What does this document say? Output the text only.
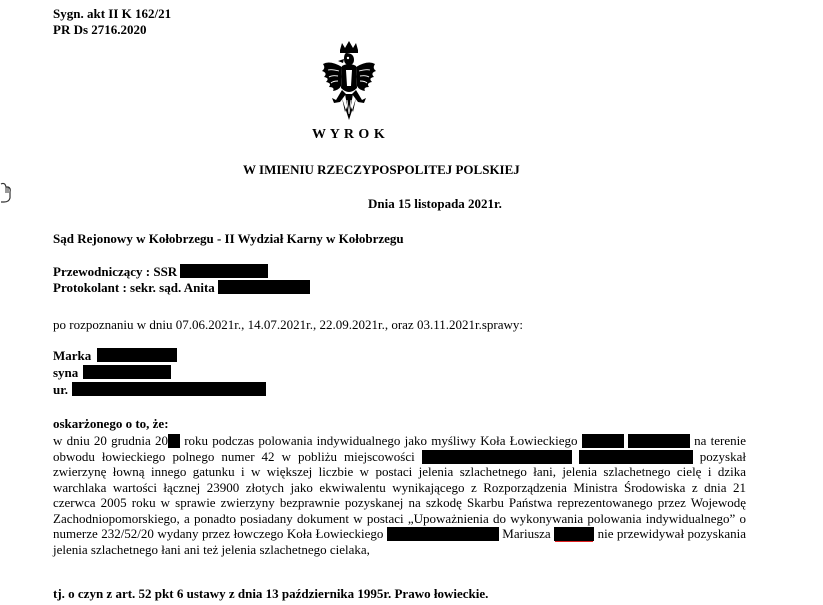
Sygn. akt II K 162/21
PR Ds 2716.2020
W Y R O K
W IMIENIU RZECZYPOSPOLITEJ POLSKIEJ
Dnia 15 listopada 2021r.
Sąd Rejonowy w Kołobrzegu - II Wydział Karny w Kołobrzegu
Przewodniczący : SSR
Protokolant : sekr. sąd. Anita
po rozpoznaniu w dniu 07.06.2021r., 14.07.2021r., 22.09.2021r., oraz 03.11.2021r.sprawy:
Marka
syna
ur.
oskarżonego o to, że:
w dniu 20 grudnia 20 roku podczas polowania indywidualnego jako myśliwy Koła Łowieckiego	na terenie obwodu łowieckiego polnego numer 42 w pobliżu miejscowości	pozyskał zwierzynę łowną innego gatunku i w większej liczbie w postaci jelenia szlachetnego łani, jelenia szlachetnego cielę i dzika warchlaka wartości łącznej 23900 złotych jako ekwiwalentu wynikającego z Rozporządzenia Ministra Środowiska z dnia 21 czerwca 2005 roku w sprawie zwierzyny bezprawnie pozyskanej na szkodę Skarbu Państwa reprezentowanego przez Wojewodę Zachodniopomorskiego, a ponadto posiadany dokument w postaci „Upoważnienia do wykonywania polowania indywidualnego” o numerze 232/52/20 wydany przez łowczego Koła Łowieckiego	Mariusza	nie przewidywał pozyskania jelenia szlachetnego łani ani też jelenia szlachetnego cielaka,
tj. o czyn z art. 52 pkt 6 ustawy z dnia 13 października 1995r. Prawo łowieckie.
